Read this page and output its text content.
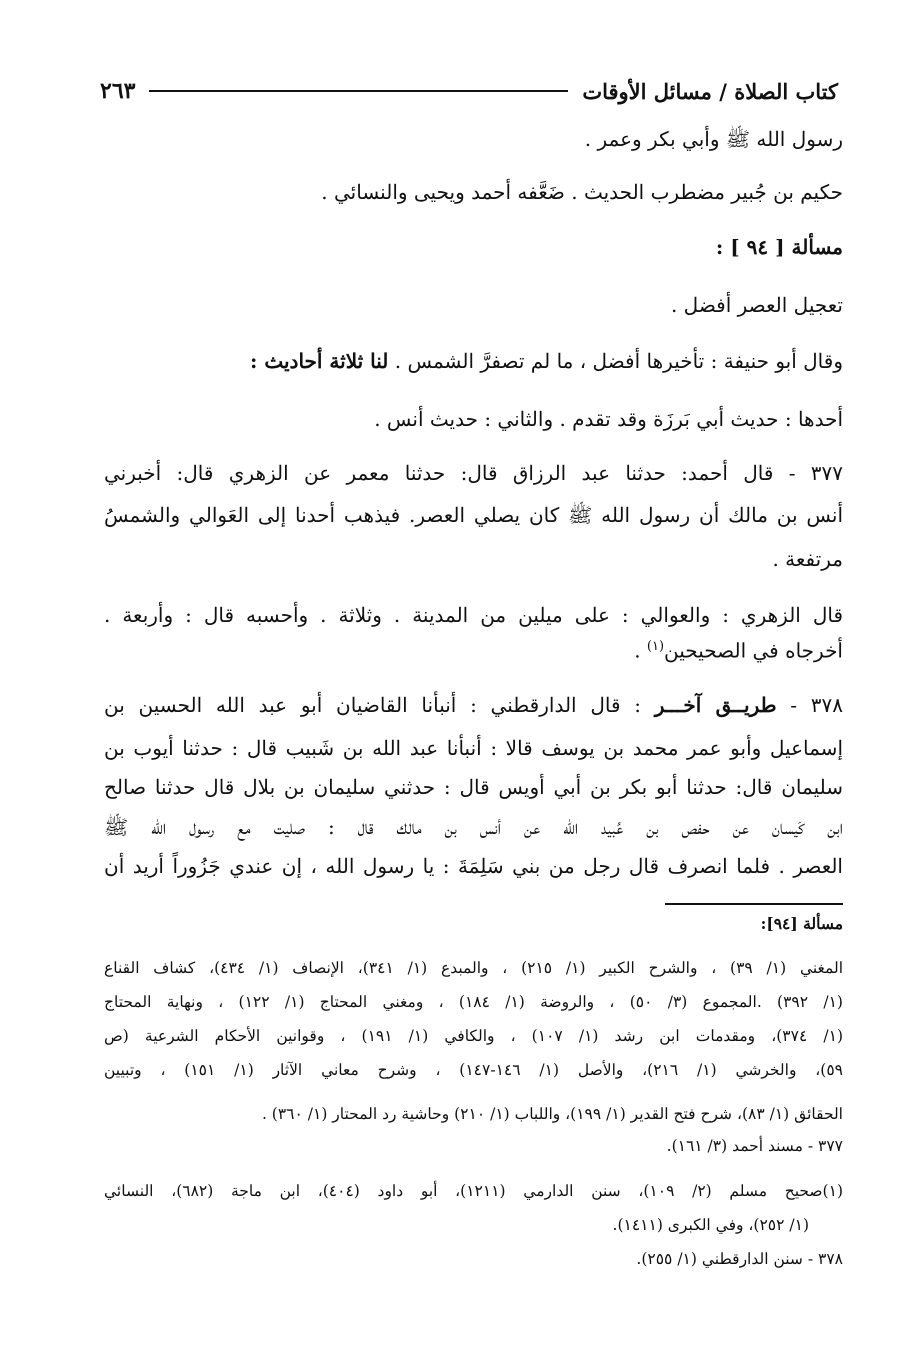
كتاب الصلاة / مسائل الأوقات
٢٦٣
رسول الله ﷺ وأبي بكر وعمر .
حكيم بن جُبير مضطرب الحديث . ضَعَّفه أحمد ويحيى والنسائي .
مسألة [ ٩٤ ] :
تعجيل العصر أفضل .
وقال أبو حنيفة : تأخيرها أفضل ، ما لم تصفرَّ الشمس . لنا ثلاثة أحاديث :
أحدها : حديث أبي بَرزَة وقد تقدم . والثاني : حديث أنس .
٣٧٧ - قال أحمد: حدثنا عبد الرزاق قال: حدثنا معمر عن الزهري قال: أخبرني
أنس بن مالك أن رسول الله ﷺ كان يصلي العصر. فيذهب أحدنا إلى العَوالي والشمسُ
مرتفعة .
قال الزهري : والعوالي : على ميلين من المدينة . وثلاثة . وأحسبه قال : وأربعة .
أخرجاه في الصحيحين$^{(١)}$ .
٣٧٨ - طريــق آخـــر : قال الدارقطني : أنبأنا القاضيان أبو عبد الله الحسين بن
إسماعيل وأبو عمر محمد بن يوسف قالا : أنبأنا عبد الله بن شَبيب قال : حدثنا أيوب بن
سليمان قال: حدثنا أبو بكر بن أبي أويس قال : حدثني سليمان بن بلال قال حدثنا صالح
ابن كَيسان عن حفص بن عُبيد الله عن أنس بن مالك قال : صليت مع رسول الله ﷺ
العصر . فلما انصرف قال رجل من بني سَلِمَةَ : يا رسول الله ، إن عندي جَزُوراً أريد أن
مسألة [٩٤]:
المغني (١/ ٣٩) ، والشرح الكبير (١/ ٢١٥) ، والمبدع (١/ ٣٤١)، الإنصاف (١/ ٤٣٤)، كشاف القناع
(١/ ٣٩٢) .المجموع (٣/ ٥٠) ، والروضة (١/ ١٨٤) ، ومغني المحتاج (١/ ١٢٢) ، ونهاية المحتاج
(١/ ٣٧٤)، ومقدمات ابن رشد (١/ ١٠٧) ، والكافي (١/ ١٩١) ، وقوانين الأحكام الشرعية (ص
٥٩)، والخرشي (١/ ٢١٦)، والأصل (١/ ١٤٦-١٤٧) ، وشرح معاني الآثار (١/ ١٥١) ، وتبيين
الحقائق (١/ ٨٣)، شرح فتح القدير (١/ ١٩٩)، واللباب (١/ ٢١٠) وحاشية رد المحتار (١/ ٣٦٠) .
٣٧٧ - مسند أحمد (٣/ ١٦١).
(١)صحيح مسلم (٢/ ١٠٩)، سنن الدارمي (١٢١١)، أبو داود (٤٠٤)، ابن ماجة (٦٨٢)، النسائي
(١/ ٢٥٢)، وفي الكبرى (١٤١١).
٣٧٨ - سنن الدارقطني (١/ ٢٥٥).
